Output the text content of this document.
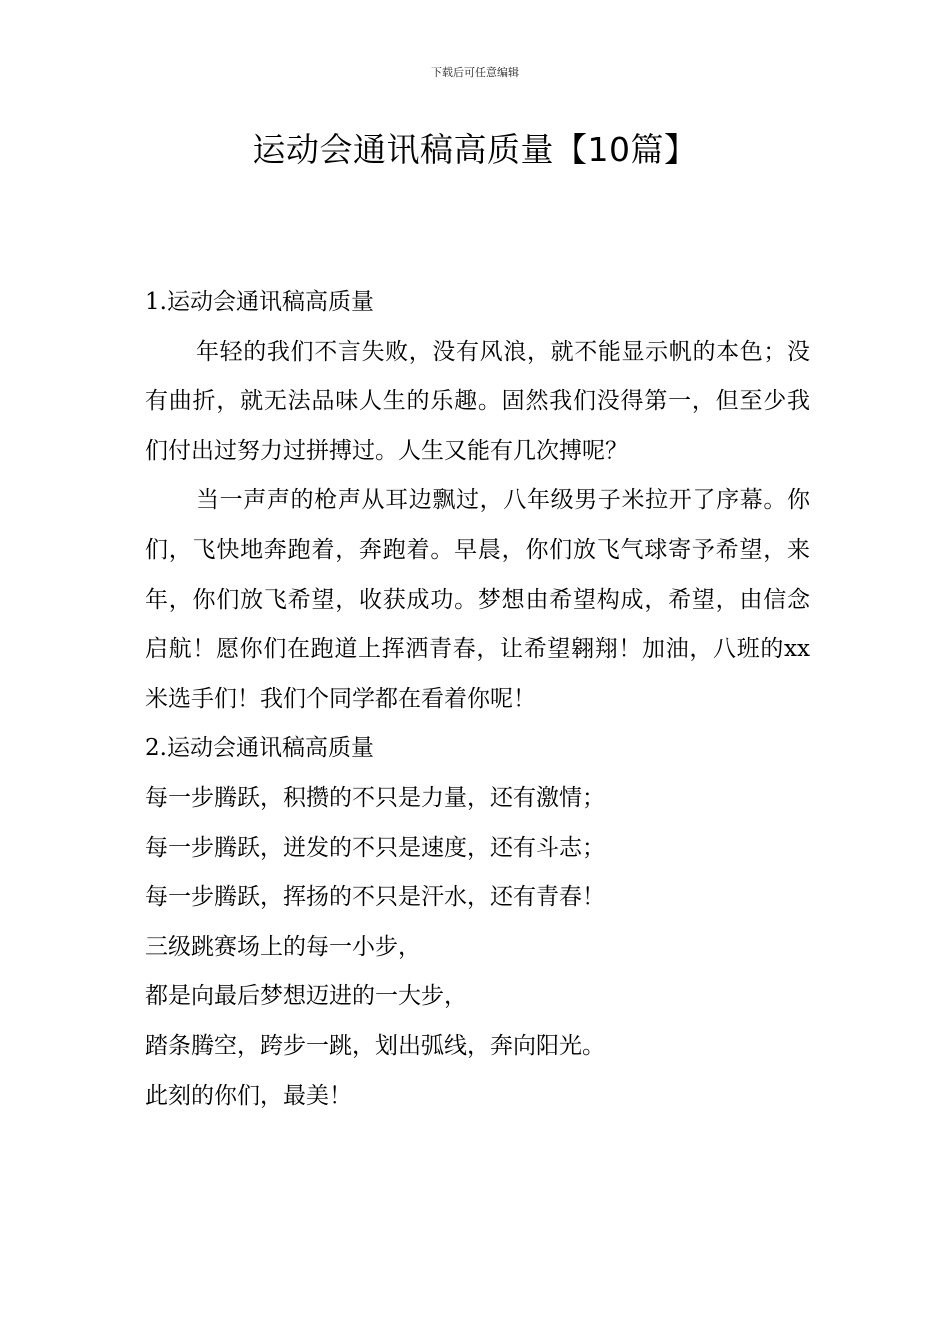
下载后可任意编辑
运动会通讯稿高质量【10篇】

1.运动会通讯稿高质量

年轻的我们不言失败，没有风浪，就不能显示帆的本色；没有曲折，就无法品味人生的乐趣。固然我们没得第一，但至少我们付出过努力过拼搏过。人生又能有几次搏呢？

当一声声的枪声从耳边飘过，八年级男子米拉开了序幕。你们，飞快地奔跑着，奔跑着。早晨，你们放飞气球寄予希望，来年，你们放飞希望，收获成功。梦想由希望构成，希望，由信念启航！愿你们在跑道上挥洒青春，让希望翱翔！加油，八班的xx米选手们！我们个同学都在看着你呢！

2.运动会通讯稿高质量

每一步腾跃，积攒的不只是力量，还有激情；

每一步腾跃，迸发的不只是速度，还有斗志；

每一步腾跃，挥扬的不只是汗水，还有青春！

三级跳赛场上的每一小步，

都是向最后梦想迈进的一大步，

踏条腾空，跨步一跳，划出弧线，奔向阳光。

此刻的你们，最美！
